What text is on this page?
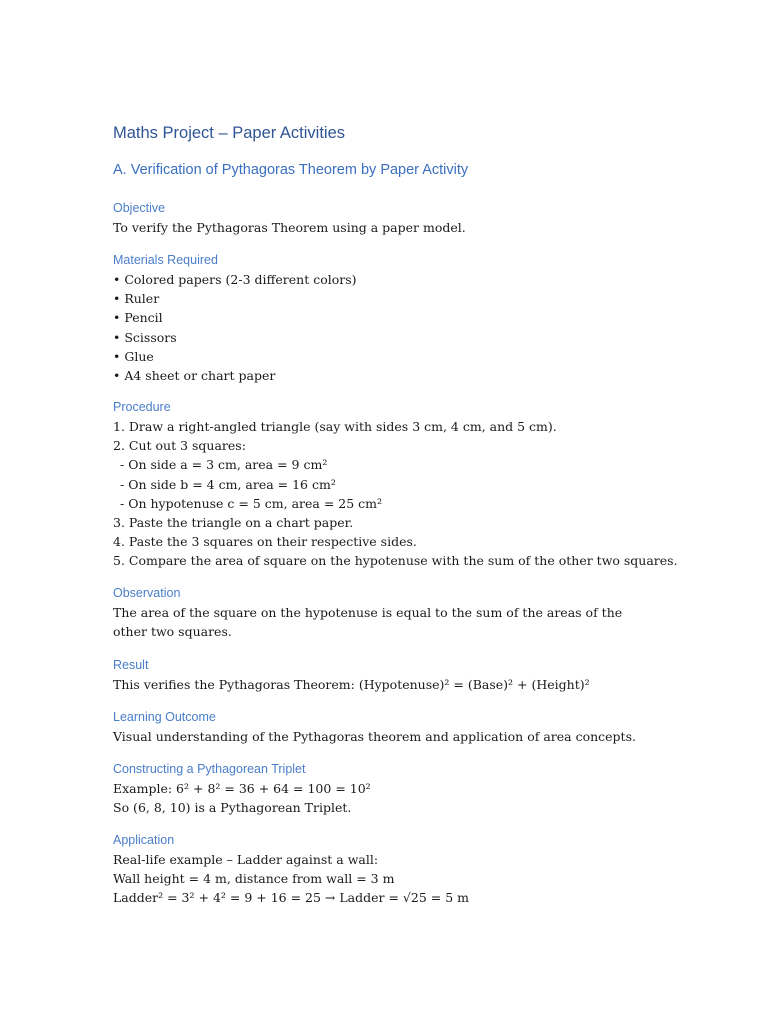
Maths Project – Paper Activities
A. Verification of Pythagoras Theorem by Paper Activity
Objective
To verify the Pythagoras Theorem using a paper model.
Materials Required
• Colored papers (2-3 different colors)
• Ruler
• Pencil
• Scissors
• Glue
• A4 sheet or chart paper
Procedure
1. Draw a right-angled triangle (say with sides 3 cm, 4 cm, and 5 cm).
2. Cut out 3 squares:
- On side a = 3 cm, area = 9 cm²
- On side b = 4 cm, area = 16 cm²
- On hypotenuse c = 5 cm, area = 25 cm²
3. Paste the triangle on a chart paper.
4. Paste the 3 squares on their respective sides.
5. Compare the area of square on the hypotenuse with the sum of the other two squares.
Observation
The area of the square on the hypotenuse is equal to the sum of the areas of the other two squares.
Result
This verifies the Pythagoras Theorem: (Hypotenuse)² = (Base)² + (Height)²
Learning Outcome
Visual understanding of the Pythagoras theorem and application of area concepts.
Constructing a Pythagorean Triplet
Example: 6² + 8² = 36 + 64 = 100 = 10²
So (6, 8, 10) is a Pythagorean Triplet.
Application
Real-life example – Ladder against a wall:
Wall height = 4 m, distance from wall = 3 m
Ladder² = 3² + 4² = 9 + 16 = 25 → Ladder = √25 = 5 m
